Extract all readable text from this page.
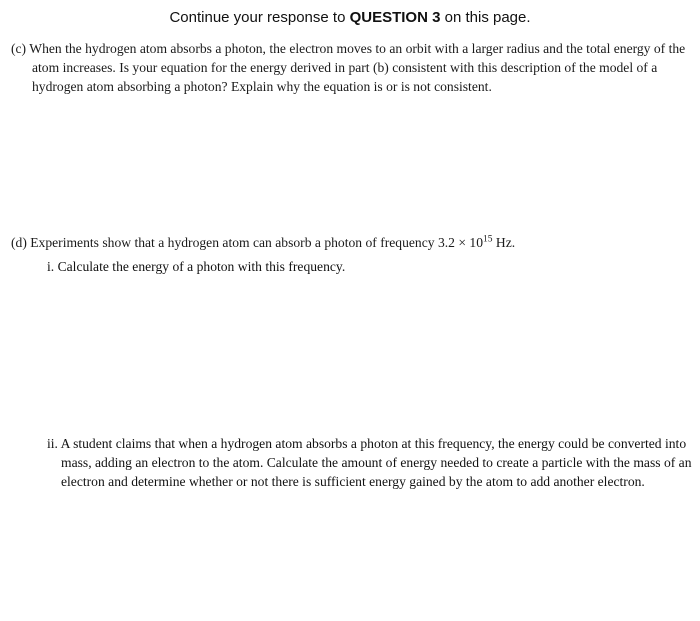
Continue your response to QUESTION 3 on this page.
(c) When the hydrogen atom absorbs a photon, the electron moves to an orbit with a larger radius and the total energy of the atom increases. Is your equation for the energy derived in part (b) consistent with this description of the model of a hydrogen atom absorbing a photon? Explain why the equation is or is not consistent.
(d) Experiments show that a hydrogen atom can absorb a photon of frequency $3.2 \times 10^{15}$ Hz.
i. Calculate the energy of a photon with this frequency.
ii. A student claims that when a hydrogen atom absorbs a photon at this frequency, the energy could be converted into mass, adding an electron to the atom. Calculate the amount of energy needed to create a particle with the mass of an electron and determine whether or not there is sufficient energy gained by the atom to add another electron.
